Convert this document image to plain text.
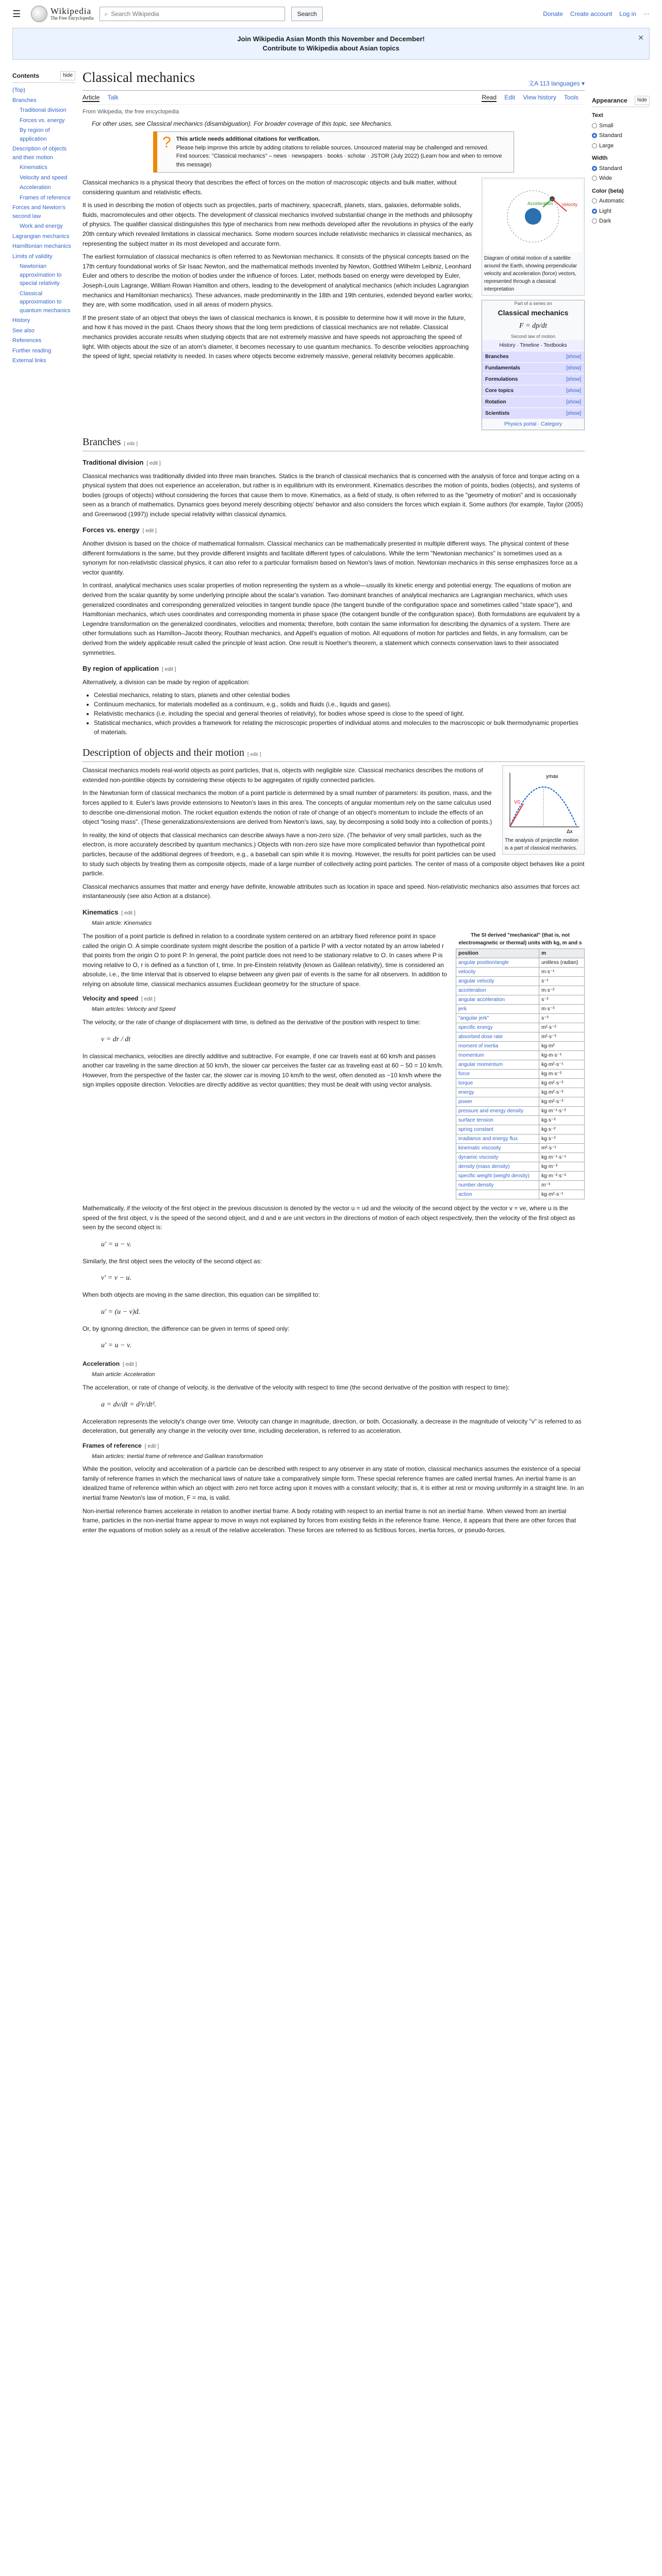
☰	Wikipedia
The Free Encyclopedia
⌕ Search Wikipedia	Search	Donate Create account Log in ⋯
Join Wikipedia Asian Month this November and December!
Contribute to Wikipedia about Asian topics
✕
Contents	hide
(Top)
Branches
Traditional division
Forces vs. energy
By region of application
Description of objects and their motion
Kinematics
Velocity and speed
Acceleration
Frames of reference
Forces and Newton's second law
Work and energy
Lagrangian mechanics
Hamiltonian mechanics
Limits of validity
Newtonian approximation to special relativity
Classical approximation to quantum mechanics
History
See also
References
Further reading
External links
Classical mechanics	文A 113 languages ▾
Article Talk	Read Edit View history Tools
From Wikipedia, the free encyclopedia
For other uses, see Classical mechanics (disambiguation). For broader coverage of this topic, see Mechanics.
? This article needs additional citations for verification.
Please help improve this article by adding citations to reliable sources. Unsourced material may be challenged and removed.
Find sources: "Classical mechanics" – news · newspapers · books · scholar · JSTOR (July 2022) (Learn how and when to remove this message)
Velocity
Acceleration
Diagram of orbital motion of a satellite around the Earth, showing perpendicular velocity and acceleration (force) vectors, represented through a classical interpretation
Part of a series on
Classical mechanics
F = dp/dt
Second law of motion
History · Timeline · Textbooks
Branches	[show]
Fundamentals	[show]
Formulations	[show]
Core topics	[show]
Rotation	[show]
Scientists	[show]
Physics portal · Category

Classical mechanics is a physical theory that describes the effect of forces on the motion of macroscopic objects and bulk matter, without considering quantum and relativistic effects.

It is used in describing the motion of objects such as projectiles, parts of machinery, spacecraft, planets, stars, galaxies, deformable solids, fluids, macromolecules and other objects. The development of classical mechanics involved substantial change in the methods and philosophy of physics. The qualifier classical distinguishes this type of mechanics from new methods developed after the revolutions in physics of the early 20th century which revealed limitations in classical mechanics. Some modern sources include relativistic mechanics in classical mechanics, as representing the subject matter in its most developed and accurate form.

The earliest formulation of classical mechanics is often referred to as Newtonian mechanics. It consists of the physical concepts based on the 17th century foundational works of Sir Isaac Newton, and the mathematical methods invented by Newton, Gottfried Wilhelm Leibniz, Leonhard Euler and others to describe the motion of bodies under the influence of forces. Later, methods based on energy were developed by Euler, Joseph-Louis Lagrange, William Rowan Hamilton and others, leading to the development of analytical mechanics (which includes Lagrangian mechanics and Hamiltonian mechanics). These advances, made predominantly in the 18th and 19th centuries, extended beyond earlier works; they are, with some modification, used in all areas of modern physics.

If the present state of an object that obeys the laws of classical mechanics is known, it is possible to determine how it will move in the future, and how it has moved in the past. Chaos theory shows that the long term predictions of classical mechanics are not reliable. Classical mechanics provides accurate results when studying objects that are not extremely massive and have speeds not approaching the speed of light. With objects about the size of an atom's diameter, it becomes necessary to use quantum mechanics. To describe velocities approaching the speed of light, special relativity is needed. In cases where objects become extremely massive, general relativity becomes applicable.

Branches [ edit ]
Traditional division [ edit ]

Classical mechanics was traditionally divided into three main branches. Statics is the branch of classical mechanics that is concerned with the analysis of force and torque acting on a physical system that does not experience an acceleration, but rather is in equilibrium with its environment. Kinematics describes the motion of points, bodies (objects), and systems of bodies (groups of objects) without considering the forces that cause them to move. Kinematics, as a field of study, is often referred to as the "geometry of motion" and is occasionally seen as a branch of mathematics. Dynamics goes beyond merely describing objects' behavior and also considers the forces which explain it. Some authors (for example, Taylor (2005) and Greenwood (1997)) include special relativity within classical dynamics.

Forces vs. energy [ edit ]

Another division is based on the choice of mathematical formalism. Classical mechanics can be mathematically presented in multiple different ways. The physical content of these different formulations is the same, but they provide different insights and facilitate different types of calculations. While the term "Newtonian mechanics" is sometimes used as a synonym for non-relativistic classical physics, it can also refer to a particular formalism based on Newton's laws of motion. Newtonian mechanics in this sense emphasizes force as a vector quantity.

In contrast, analytical mechanics uses scalar properties of motion representing the system as a whole—usually its kinetic energy and potential energy. The equations of motion are derived from the scalar quantity by some underlying principle about the scalar's variation. Two dominant branches of analytical mechanics are Lagrangian mechanics, which uses generalized coordinates and corresponding generalized velocities in tangent bundle space (the tangent bundle of the configuration space and sometimes called "state space"), and Hamiltonian mechanics, which uses coordinates and corresponding momenta in phase space (the cotangent bundle of the configuration space). Both formulations are equivalent by a Legendre transformation on the generalized coordinates, velocities and momenta; therefore, both contain the same information for describing the dynamics of a system. There are other formulations such as Hamilton–Jacobi theory, Routhian mechanics, and Appell's equation of motion. All equations of motion for particles and fields, in any formalism, can be derived from the widely applicable result called the principle of least action. One result is Noether's theorem, a statement which connects conservation laws to their associated symmetries.

By region of application [ edit ]

Alternatively, a division can be made by region of application:

• Celestial mechanics, relating to stars, planets and other celestial bodies
• Continuum mechanics, for materials modelled as a continuum, e.g., solids and fluids (i.e., liquids and gases).
• Relativistic mechanics (i.e. including the special and general theories of relativity), for bodies whose speed is close to the speed of light.
• Statistical mechanics, which provides a framework for relating the microscopic properties of individual atoms and molecules to the macroscopic or bulk thermodynamic properties of materials.
Description of objects and their motion [ edit ]
ymax
V0
Δx
The analysis of projectile motion is a part of classical mechanics.

Classical mechanics models real-world objects as point particles, that is, objects with negligible size. Classical mechanics describes the motions of extended non-pointlike objects by considering these objects to be aggregates of rigidly connected particles.

In the Newtonian form of classical mechanics the motion of a point particle is determined by a small number of parameters: its position, mass, and the forces applied to it. Euler's laws provide extensions to Newton's laws in this area. The concepts of angular momentum rely on the same calculus used to describe one-dimensional motion. The rocket equation extends the notion of rate of change of an object's momentum to include the effects of an object "losing mass". (These generalizations/extensions are derived from Newton's laws, say, by decomposing a solid body into a collection of points.)

In reality, the kind of objects that classical mechanics can describe always have a non-zero size. (The behavior of very small particles, such as the electron, is more accurately described by quantum mechanics.) Objects with non-zero size have more complicated behavior than hypothetical point particles, because of the additional degrees of freedom, e.g., a baseball can spin while it is moving. However, the results for point particles can be used to study such objects by treating them as composite objects, made of a large number of collectively acting point particles. The center of mass of a composite object behaves like a point particle.

Classical mechanics assumes that matter and energy have definite, knowable attributes such as location in space and speed. Non-relativistic mechanics also assumes that forces act instantaneously (see also Action at a distance).

Kinematics [ edit ]
Main article: Kinematics
The SI derived "mechanical" (that is, not electromagnetic or thermal) units with kg, m and s
position	m
angular position/angle	unitless (radian)
velocity	m·s⁻¹
angular velocity	s⁻¹
acceleration	m·s⁻²
angular acceleration	s⁻²
jerk	m·s⁻³
"angular jerk"	s⁻³
specific energy	m²·s⁻²
absorbed dose rate	m²·s⁻³
moment of inertia	kg·m²
momentum	kg·m·s⁻¹
angular momentum	kg·m²·s⁻¹
force	kg·m·s⁻²
torque	kg·m²·s⁻²
energy	kg·m²·s⁻²
power	kg·m²·s⁻³
pressure and energy density	kg·m⁻¹·s⁻²
surface tension	kg·s⁻²
spring constant	kg·s⁻²
irradiance and energy flux	kg·s⁻³
kinematic viscosity	m²·s⁻¹
dynamic viscosity	kg·m⁻¹·s⁻¹
density (mass density)	kg·m⁻³
specific weight (weight density)	kg·m⁻²·s⁻²
number density	m⁻³
action	kg·m²·s⁻¹

The position of a point particle is defined in relation to a coordinate system centered on an arbitrary fixed reference point in space called the origin O. A simple coordinate system might describe the position of a particle P with a vector notated by an arrow labeled r that points from the origin O to point P. In general, the point particle does not need to be stationary relative to O. In cases where P is moving relative to O, r is defined as a function of t, time. In pre-Einstein relativity (known as Galilean relativity), time is considered an absolute, i.e., the time interval that is observed to elapse between any given pair of events is the same for all observers. In addition to relying on absolute time, classical mechanics assumes Euclidean geometry for the structure of space.

Velocity and speed [ edit ]
Main articles: Velocity and Speed

The velocity, or the rate of change of displacement with time, is defined as the derivative of the position with respect to time:

v = dr / dt

In classical mechanics, velocities are directly additive and subtractive. For example, if one car travels east at 60 km/h and passes another car traveling in the same direction at 50 km/h, the slower car perceives the faster car as traveling east at 60 − 50 = 10 km/h. However, from the perspective of the faster car, the slower car is moving 10 km/h to the west, often denoted as −10 km/h where the sign implies opposite direction. Velocities are directly additive as vector quantities; they must be dealt with using vector analysis.

Mathematically, if the velocity of the first object in the previous discussion is denoted by the vector u = ud and the velocity of the second object by the vector v = ve, where u is the speed of the first object, v is the speed of the second object, and d and e are unit vectors in the directions of motion of each object respectively, then the velocity of the first object as seen by the second object is:

u′ = u − v.

Similarly, the first object sees the velocity of the second object as:

v′ = v − u.

When both objects are moving in the same direction, this equation can be simplified to:

u′ = (u − v)d.

Or, by ignoring direction, the difference can be given in terms of speed only:

u′ = u − v.
Acceleration [ edit ]
Main article: Acceleration

The acceleration, or rate of change of velocity, is the derivative of the velocity with respect to time (the second derivative of the position with respect to time):

a = dv/dt = d²r/dt².

Acceleration represents the velocity's change over time. Velocity can change in magnitude, direction, or both. Occasionally, a decrease in the magnitude of velocity "v" is referred to as deceleration, but generally any change in the velocity over time, including deceleration, is referred to as acceleration.

Frames of reference [ edit ]
Main articles: Inertial frame of reference and Galilean transformation

While the position, velocity and acceleration of a particle can be described with respect to any observer in any state of motion, classical mechanics assumes the existence of a special family of reference frames in which the mechanical laws of nature take a comparatively simple form. These special reference frames are called inertial frames. An inertial frame is an idealized frame of reference within which an object with zero net force acting upon it moves with a constant velocity; that is, it is either at rest or moving uniformly in a straight line. In an inertial frame Newton's law of motion, F = ma, is valid.

Non-inertial reference frames accelerate in relation to another inertial frame. A body rotating with respect to an inertial frame is not an inertial frame. When viewed from an inertial frame, particles in the non-inertial frame appear to move in ways not explained by forces from existing fields in the reference frame. Hence, it appears that there are other forces that enter the equations of motion solely as a result of the relative acceleration. These forces are referred to as fictitious forces, inertia forces, or pseudo-forces.

Appearance	hide
Text
Small
Standard
Large
Width
Standard
Wide
Color (beta)
Automatic
Light
Dark
